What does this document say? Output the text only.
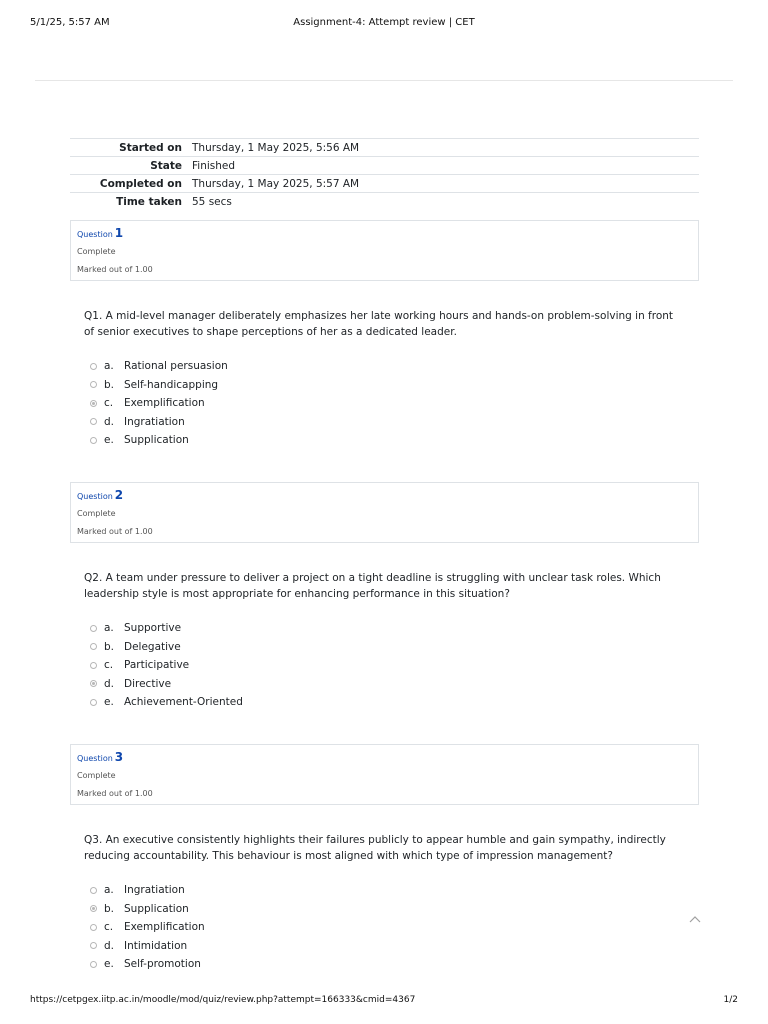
5/1/25, 5:57 AM	Assignment-4: Attempt review | CET
Started on	Thursday, 1 May 2025, 5:56 AM
State	Finished
Completed on	Thursday, 1 May 2025, 5:57 AM
Time taken	55 secs
Question 1
Complete
Marked out of 1.00
Q1. A mid-level manager deliberately emphasizes her late working hours and hands-on problem-solving in front of senior executives to shape perceptions of her as a dedicated leader.
a. Rational persuasion
b. Self-handicapping
c.	Exemplification
d. Ingratiation
e. Supplication
Question 2
Complete
Marked out of 1.00
Q2. A team under pressure to deliver a project on a tight deadline is struggling with unclear task roles. Which leadership style is most appropriate for enhancing performance in this situation?
a. Supportive
b. Delegative
c.	Participative
d. Directive
e. Achievement-Oriented
Question 3
Complete
Marked out of 1.00
Q3. An executive consistently highlights their failures publicly to appear humble and gain sympathy, indirectly reducing accountability. This behaviour is most aligned with which type of impression management?
a. Ingratiation
b. Supplication
c.	Exemplification
d. Intimidation
e. Self-promotion
https://cetpgex.iitp.ac.in/moodle/mod/quiz/review.php?attempt=166333&cmid=4367	1/2
